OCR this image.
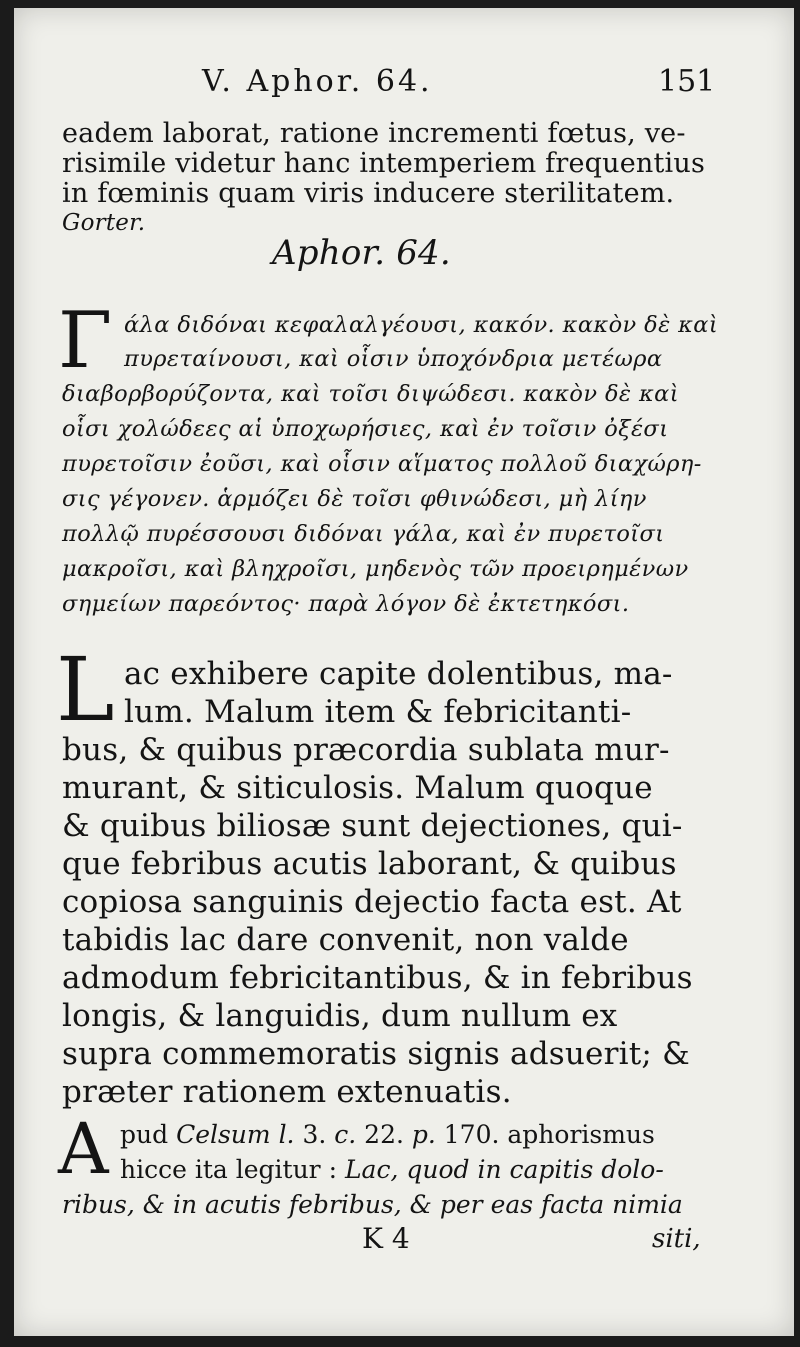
V. Aphor. 64.	151
eadem laborat, ratione incrementi fœtus, ve-
risimile videtur hanc intemperiem frequentius
in fœminis quam viris inducere sterilitatem.
Gorter.
Aphor. 64.
Γ άλα διδόναι κεφαλαλγέουσι, κακόν. κακὸν δὲ καὶ
πυρεταίνουσι, καὶ οἷσιν ὑποχόνδρια μετέωρα
διαβορβορύζοντα, καὶ τοῖσι διψώδεσι. κακὸν δὲ καὶ
οἷσι χολώδεες αἱ ὑποχωρήσιες, καὶ ἐν τοῖσιν ὀξέσι
πυρετοῖσιν ἐοῦσι, καὶ οἷσιν αἵματος πολλοῦ διαχώρη-
σις γέγονεν. ἁρμόζει δὲ τοῖσι φθινώδεσι, μὴ λίην
πολλῷ πυρέσσουσι διδόναι γάλα, καὶ ἐν πυρετοῖσι
μακροῖσι, καὶ βληχροῖσι, μηδενὸς τῶν προειρημένων
σημείων παρεόντος· παρὰ λόγον δὲ ἐκτετηκόσι.
L ac exhibere capite dolentibus, ma-
lum. Malum item & febricitanti-
bus, & quibus præcordia sublata mur-
murant, & siticulosis. Malum quoque
& quibus biliosæ sunt dejectiones, qui-
que febribus acutis laborant, & quibus
copiosa sanguinis dejectio facta est. At
tabidis lac dare convenit, non valde
admodum febricitantibus, & in febribus
longis, & languidis, dum nullum ex
supra commemoratis signis adsuerit; &
præter rationem extenuatis.
A pud Celsum l. 3. c. 22. p. 170. aphorismus
hicce ita legitur : Lac, quod in capitis dolo-
ribus, & in acutis febribus, & per eas facta nimia
K 4	siti,
